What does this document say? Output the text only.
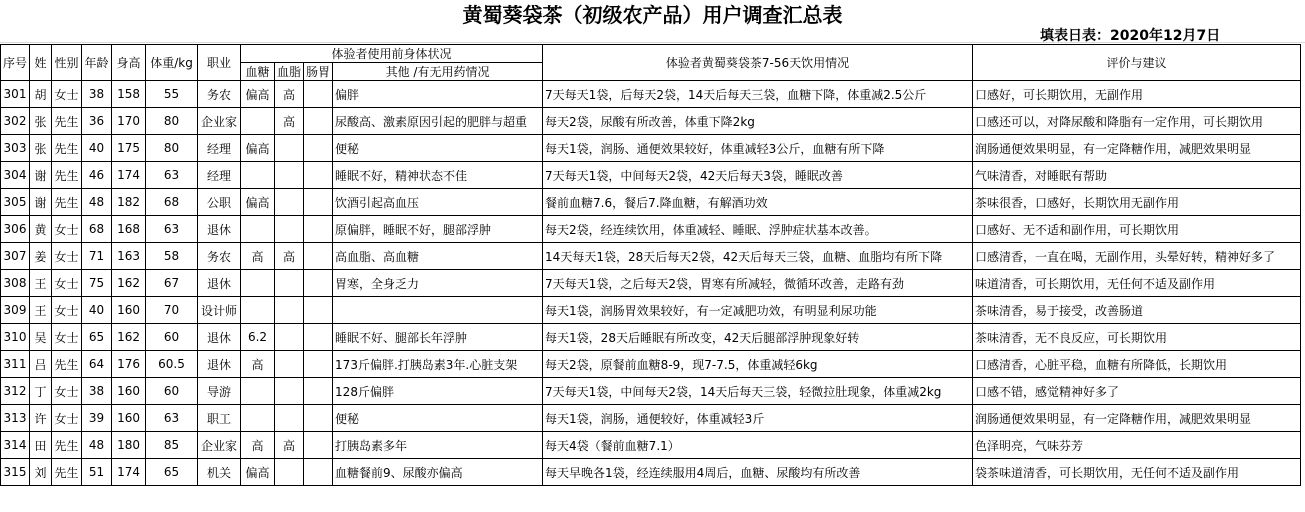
黄蜀葵袋茶（初级农产品）用户调查汇总表
填表日表：2020年12月7日
序号	姓	性别	年龄	身高	体重/kg	职业	体验者使用前身体状况				体验者黄蜀葵袋茶7-56天饮用情况	评价与建议
							血糖	血脂	肠胃	其他 /有无用药情况		
301	胡	女士	38	158	55	务农	偏高	高		偏胖	7天每天1袋，后每天2袋，14天后每天三袋，血糖下降，体重减2.5公斤	口感好，可长期饮用，无副作用
302	张	先生	36	170	80	企业家		高		尿酸高、激素原因引起的肥胖与超重	每天2袋，尿酸有所改善，体重下降2kg	口感还可以，对降尿酸和降脂有一定作用，可长期饮用
303	张	先生	40	175	80	经理	偏高			便秘	每天1袋，润肠、通便效果较好，体重减轻3公斤，血糖有所下降	润肠通便效果明显，有一定降糖作用，减肥效果明显
304	谢	先生	46	174	63	经理				睡眠不好，精神状态不佳	7天每天1袋，中间每天2袋，42天后每天3袋，睡眠改善	气味清香，对睡眠有帮助
305	谢	先生	48	182	68	公职	偏高			饮酒引起高血压	餐前血糖7.6，餐后7.降血糖，有解酒功效	茶味很香，口感好，长期饮用无副作用
306	黄	女士	68	168	63	退休				原偏胖，睡眠不好，腿部浮肿	每天2袋，经连续饮用，体重减轻、睡眠、浮肿症状基本改善。	口感好、无不适和副作用，可长期饮用
307	姜	女士	71	163	58	务农	高	高		高血脂、高血糖	14天每天1袋，28天后每天2袋，42天后每天三袋，血糖、血脂均有所下降	口感清香，一直在喝，无副作用，头晕好转，精神好多了
308	王	女士	75	162	67	退休				胃寒，全身乏力	7天每天1袋，之后每天2袋，胃寒有所减轻，微循环改善，走路有劲	味道清香，可长期饮用，无任何不适及副作用
309	王	女士	40	160	70	设计师					每天1袋，润肠胃效果较好，有一定减肥功效，有明显利尿功能	茶味清香，易于接受，改善肠道
310	吴	女士	65	162	60	退休	6.2			睡眠不好、腿部长年浮肿	每天1袋，28天后睡眠有所改变，42天后腿部浮肿现象好转	茶味清香，无不良反应，可长期饮用
311	吕	先生	64	176	60.5	退休	高			173斤偏胖.打胰岛素3年.心脏支架	每天2袋，原餐前血糖8-9，现7-7.5，体重减轻6kg	口感清香，心脏平稳，血糖有所降低，长期饮用
312	丁	女士	38	160	60	导游				128斤偏胖	7天每天1袋，中间每天2袋，14天后每天三袋，轻微拉肚现象，体重减2kg	口感不错，感觉精神好多了
313	许	女士	39	160	63	职工				便秘	每天1袋，润肠，通便较好，体重减轻3斤	润肠通便效果明显，有一定降糖作用，减肥效果明显
314	田	先生	48	180	85	企业家	高	高		打胰岛素多年	每天4袋（餐前血糖7.1）	色泽明亮，气味芬芳
315	刘	先生	51	174	65	机关	偏高			血糖餐前9、尿酸亦偏高	每天早晚各1袋，经连续服用4周后，血糖、尿酸均有所改善	袋茶味道清香，可长期饮用，无任何不适及副作用
